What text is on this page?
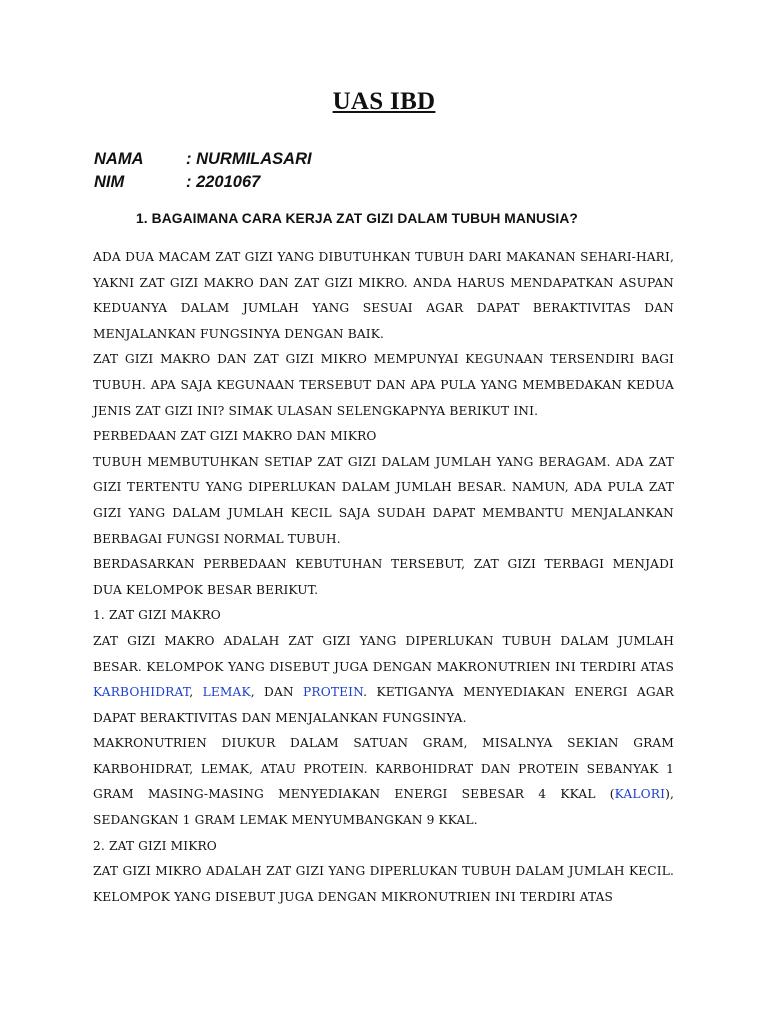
UAS IBD
NAMA	: NURMILASARI
NIM	: 2201067
1. BAGAIMANA CARA KERJA ZAT GIZI DALAM TUBUH MANUSIA?

ADA DUA MACAM ZAT GIZI YANG DIBUTUHKAN TUBUH DARI MAKANAN SEHARI-HARI, YAKNI ZAT GIZI MAKRO DAN ZAT GIZI MIKRO. ANDA HARUS MENDAPATKAN ASUPAN KEDUANYA DALAM JUMLAH YANG SESUAI AGAR DAPAT BERAKTIVITAS DAN MENJALANKAN FUNGSINYA DENGAN BAIK.

ZAT GIZI MAKRO DAN ZAT GIZI MIKRO MEMPUNYAI KEGUNAAN TERSENDIRI BAGI TUBUH. APA SAJA KEGUNAAN TERSEBUT DAN APA PULA YANG MEMBEDAKAN KEDUA JENIS ZAT GIZI INI? SIMAK ULASAN SELENGKAPNYA BERIKUT INI.

PERBEDAAN ZAT GIZI MAKRO DAN MIKRO

TUBUH MEMBUTUHKAN SETIAP ZAT GIZI DALAM JUMLAH YANG BERAGAM. ADA ZAT GIZI TERTENTU YANG DIPERLUKAN DALAM JUMLAH BESAR. NAMUN, ADA PULA ZAT GIZI YANG DALAM JUMLAH KECIL SAJA SUDAH DAPAT MEMBANTU MENJALANKAN BERBAGAI FUNGSI NORMAL TUBUH.

BERDASARKAN PERBEDAAN KEBUTUHAN TERSEBUT, ZAT GIZI TERBAGI MENJADI DUA KELOMPOK BESAR BERIKUT.

1. ZAT GIZI MAKRO

ZAT GIZI MAKRO ADALAH ZAT GIZI YANG DIPERLUKAN TUBUH DALAM JUMLAH BESAR. KELOMPOK YANG DISEBUT JUGA DENGAN MAKRONUTRIEN INI TERDIRI ATAS KARBOHIDRAT, LEMAK, DAN PROTEIN. KETIGANYA MENYEDIAKAN ENERGI AGAR DAPAT BERAKTIVITAS DAN MENJALANKAN FUNGSINYA.

MAKRONUTRIEN DIUKUR DALAM SATUAN GRAM, MISALNYA SEKIAN GRAM KARBOHIDRAT, LEMAK, ATAU PROTEIN. KARBOHIDRAT DAN PROTEIN SEBANYAK 1 GRAM MASING-MASING MENYEDIAKAN ENERGI SEBESAR 4 KKAL (KALORI), SEDANGKAN 1 GRAM LEMAK MENYUMBANGKAN 9 KKAL.

2. ZAT GIZI MIKRO

ZAT GIZI MIKRO ADALAH ZAT GIZI YANG DIPERLUKAN TUBUH DALAM JUMLAH KECIL. KELOMPOK YANG DISEBUT JUGA DENGAN MIKRONUTRIEN INI TERDIRI ATAS
